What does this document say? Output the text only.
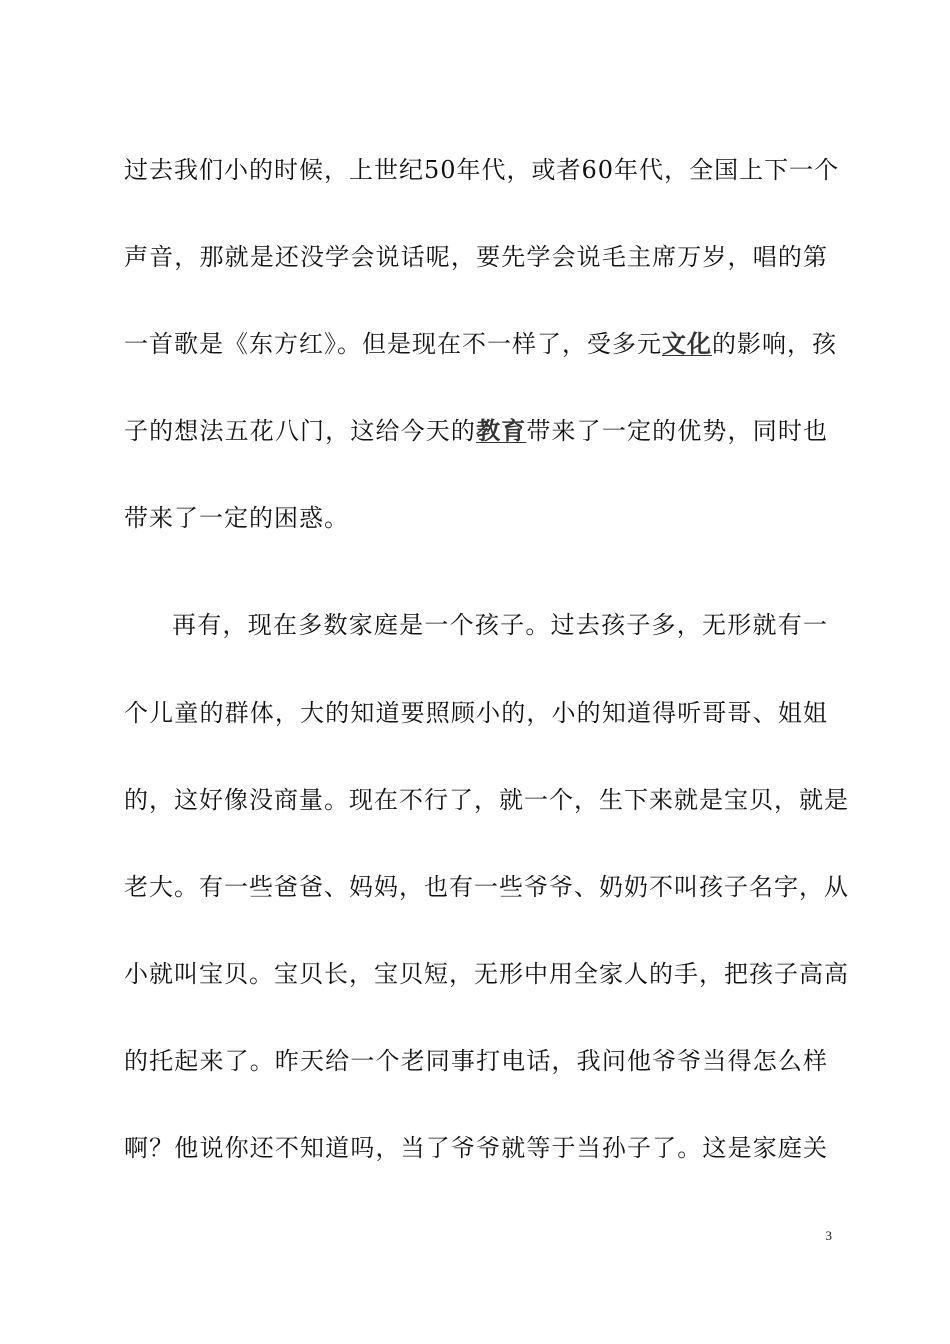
过去我们小的时候，上世纪50年代，或者60年代，全国上下一个
声音，那就是还没学会说话呢，要先学会说毛主席万岁，唱的第
一首歌是《东方红》。但是现在不一样了，受多元文化的影响，孩
子的想法五花八门，这给今天的教育带来了一定的优势，同时也
带来了一定的困惑。
再有，现在多数家庭是一个孩子。过去孩子多，无形就有一
个儿童的群体，大的知道要照顾小的，小的知道得听哥哥、姐姐
的，这好像没商量。现在不行了，就一个，生下来就是宝贝，就是
老大。有一些爸爸、妈妈，也有一些爷爷、奶奶不叫孩子名字，从
小就叫宝贝。宝贝长，宝贝短，无形中用全家人的手，把孩子高高
的托起来了。昨天给一个老同事打电话，我问他爷爷当得怎么样
啊？他说你还不知道吗，当了爷爷就等于当孙子了。这是家庭关
3
